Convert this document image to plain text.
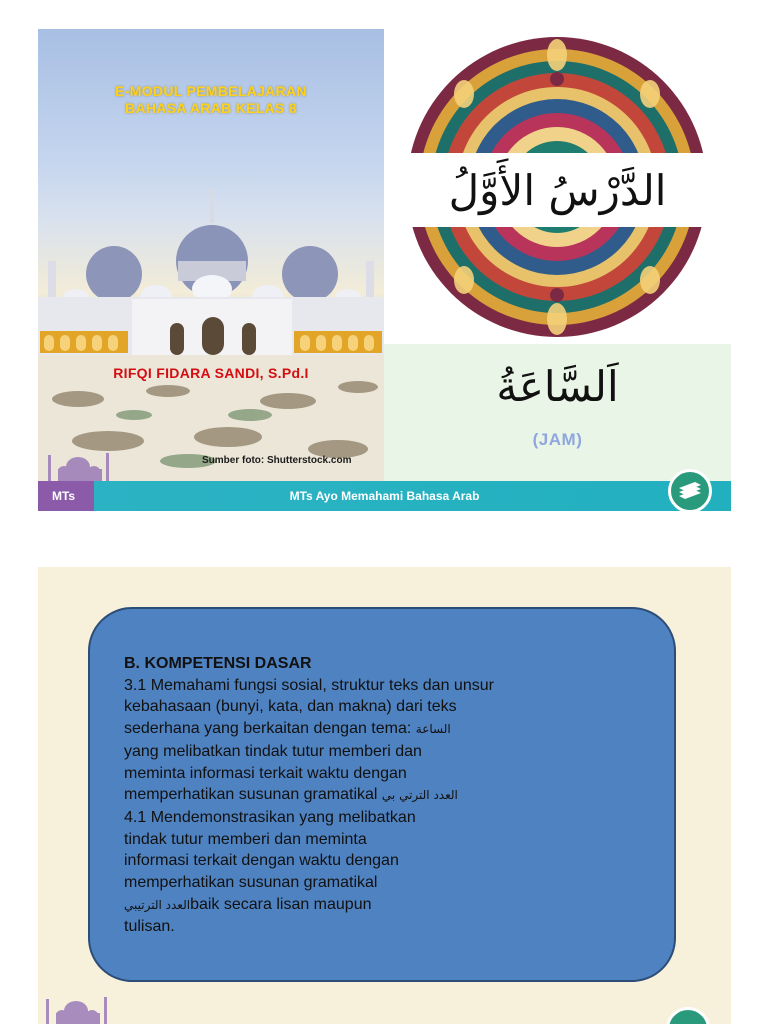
E-MODUL PEMBELAJARAN
BAHASA ARAB KELAS 8
RIFQI FIDARA SANDI, S.Pd.I
Sumber foto: Shutterstock.com
الدَّرْسُ الأَوَّلُ
اَلسَّاعَةُ
(JAM)
MTs	MTs Ayo Memahami Bahasa Arab
B. KOMPETENSI DASAR
3.1 Memahami fungsi sosial, struktur teks dan unsur
kebahasaan (bunyi, kata, dan makna) dari teks
sederhana yang berkaitan dengan tema: الساعة
yang melibatkan tindak tutur memberi dan
meminta informasi terkait waktu dengan
memperhatikan susunan gramatikal العدد الترتي بي
4.1 Mendemonstrasikan yang melibatkan
tindak tutur memberi dan meminta
informasi terkait dengan waktu dengan
memperhatikan susunan gramatikal
العدد الترتيبيbaik secara lisan maupun
tulisan.
